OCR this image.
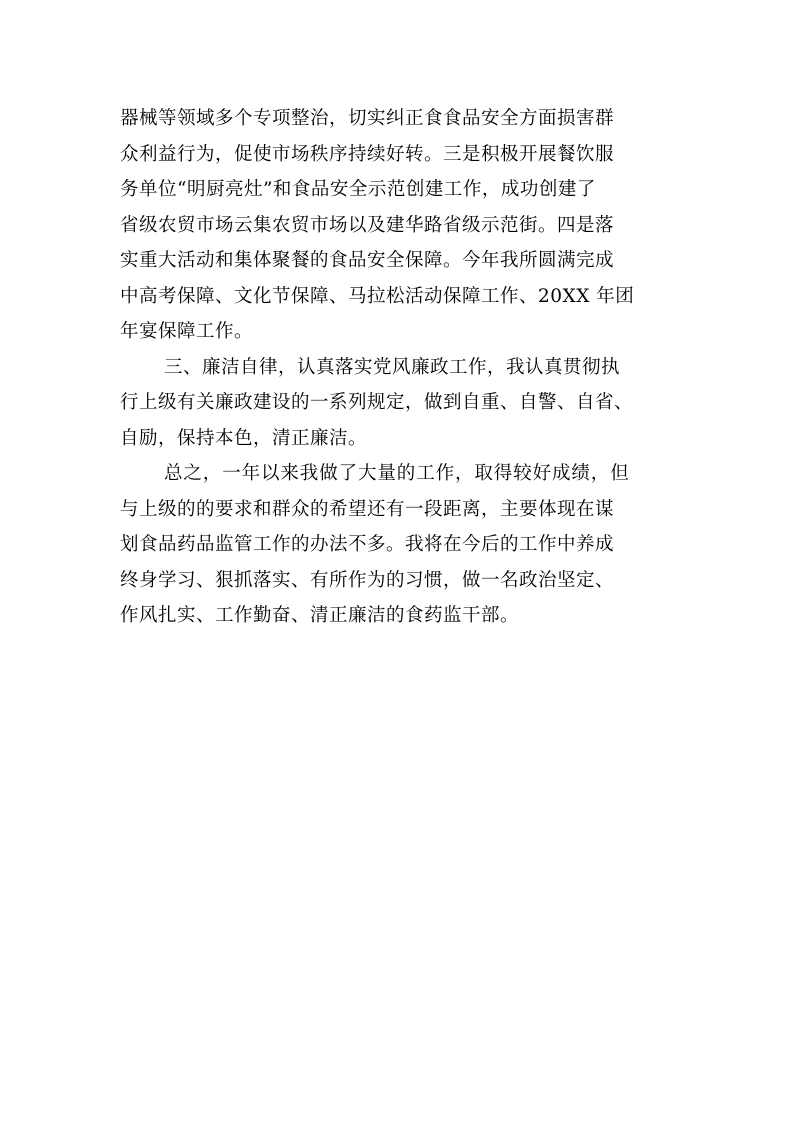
器械等领域多个专项整治，切实纠正食食品安全方面损害群
众利益行为，促使市场秩序持续好转。三是积极开展餐饮服
务单位“明厨亮灶”和食品安全示范创建工作，成功创建了
省级农贸市场云集农贸市场以及建华路省级示范街。四是落
实重大活动和集体聚餐的食品安全保障。今年我所圆满完成
中高考保障、文化节保障、马拉松活动保障工作、20XX 年团
年宴保障工作。
三、廉洁自律，认真落实党风廉政工作，我认真贯彻执
行上级有关廉政建设的一系列规定，做到自重、自警、自省、
自励，保持本色，清正廉洁。
总之，一年以来我做了大量的工作，取得较好成绩，但
与上级的的要求和群众的希望还有一段距离，主要体现在谋
划食品药品监管工作的办法不多。我将在今后的工作中养成
终身学习、狠抓落实、有所作为的习惯，做一名政治坚定、
作风扎实、工作勤奋、清正廉洁的食药监干部。
